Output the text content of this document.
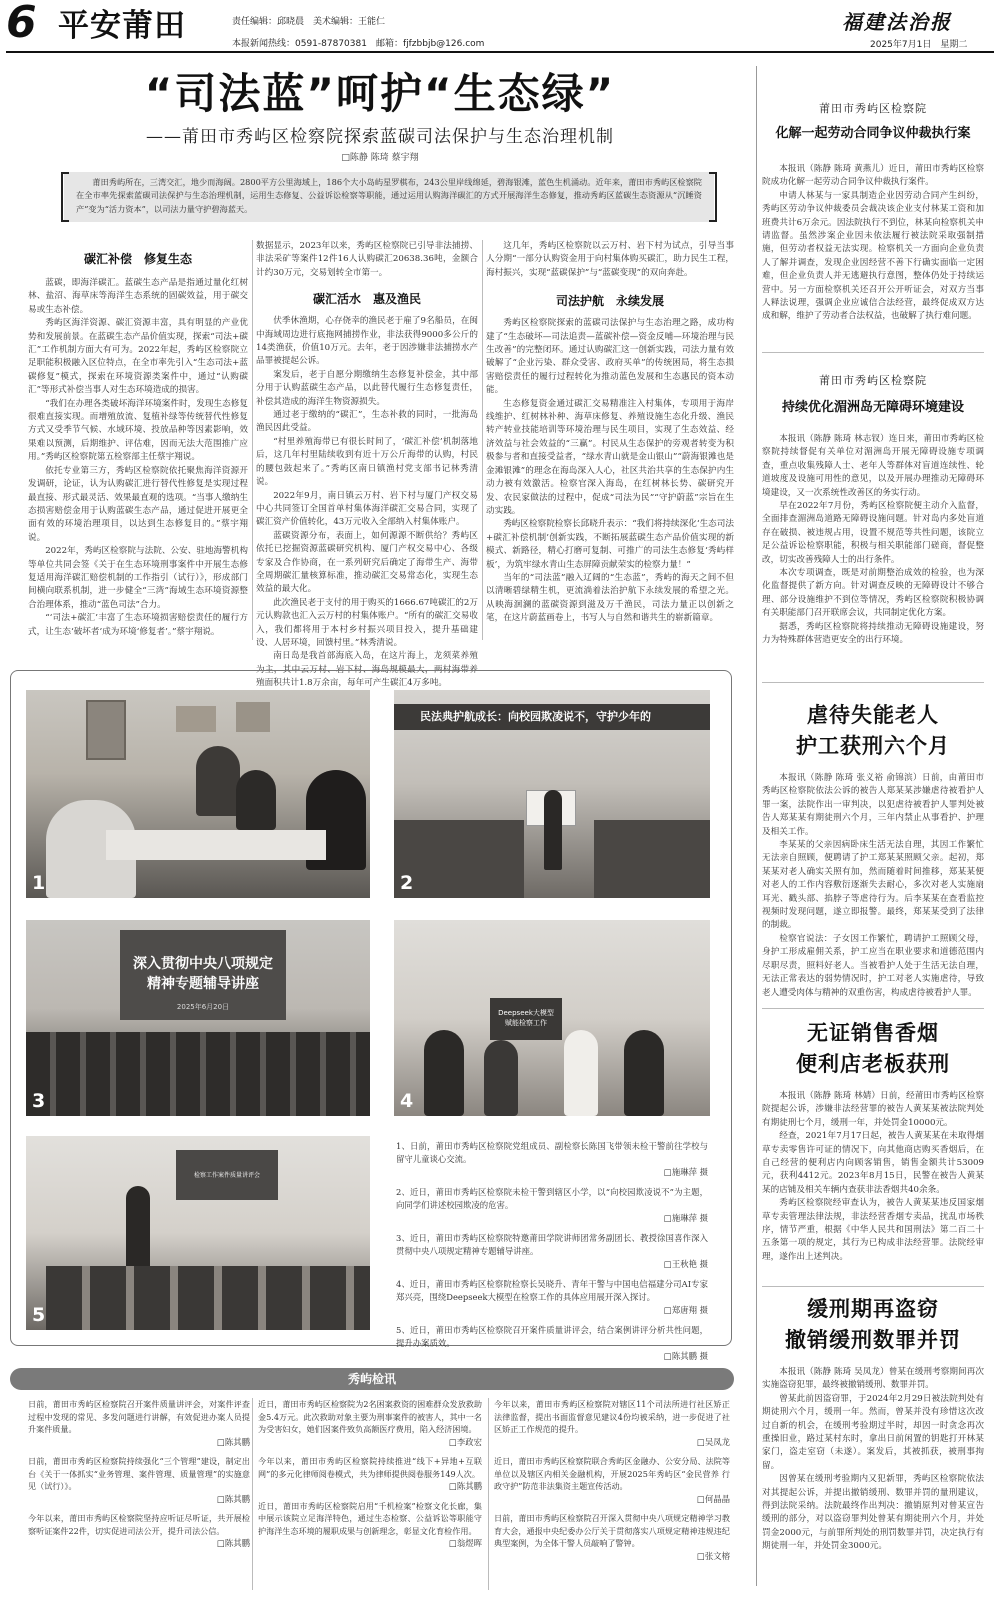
6 平安莆田	责任编辑：邱晓晨　美术编辑：王能仁
本报新闻热线：0591-87870381　邮箱：fjfzbbjb@126.com
福建法治报
2025年7月1日　星期二
“司法蓝”呵护“生态绿”
——莆田市秀屿区检察院探索蓝碳司法保护与生态治理机制
□陈静 陈琦 蔡宇翔
莆田秀屿所在，三湾交汇，地少而海阔。2800平方公里海域上，186个大小岛屿星罗棋布，243公里岸线绵延，碧海银滩，蓝色生机涌动。近年来，莆田市秀屿区检察院在全市率先探索蓝碳司法保护与生态治理机制，运用生态修复、公益诉讼检察等职能，通过运用认购海洋碳汇的方式开展海洋生态修复，推动秀屿区蓝碳生态资源从“沉睡资产”变为“活力资本”，以司法力量守护碧海蓝天。
碳汇补偿　修复生态

蓝碳，即海洋碳汇。蓝碳生态产品是指通过量化红树林、盐沼、海草床等海洋生态系统的固碳效益，用于碳交易或生态补偿。

秀屿区海洋资源、碳汇资源丰富，具有明显的产业优势和发展前景。在蓝碳生态产品价值实现，探索“司法+碳汇”工作机制方面大有可为。2022年起，秀屿区检察院立足职能积极融入区位特点，在全市率先引入“生态司法+蓝碳修复”模式，探索在环境资源类案件中，通过“认购碳汇”等形式补偿当事人对生态环境造成的损害。

“我们在办理各类破坏海洋环境案件时，发现生态修复很难直接实现。而增殖放流、复植补绿等传统替代性修复方式又受季节气候、水域环境、投放品种等因素影响，效果难以预测，后期维护、评估难，因而无法大范围推广应用。”秀屿区检察院第五检察部主任蔡宇翔说。

依托专业第三方，秀屿区检察院依托聚焦海洋资源开发调研，论证，认为认购碳汇进行替代性修复是实现过程最直接、形式最灵活、效果最直观的选项。“当事人缴纳生态损害赔偿金用于认购蓝碳生态产品，通过促进开展更全面有效的环境治理项目，以达到生态修复目的。”蔡宇翔说。

2022年，秀屿区检察院与法院、公安、驻地海警机构等单位共同会签《关于在生态环境刑事案件中开展生态修复适用海洋碳汇赔偿机制的工作指引（试行）》，形成部门间横向联系机制，进一步健全“三湾”海域生态环境资源整合治理体系，推动“蓝色司法”合力。

“‘司法+碳汇’丰富了生态环境损害赔偿责任的履行方式，让生态‘破坏者’成为环境‘修复者’。”蔡宇翔说。

数据显示，2023年以来，秀屿区检察院已引导非法捕捞、非法采矿等案件12件16人认购碳汇20638.36吨，金额合计约30万元，交易划转全市第一。

碳汇活水　惠及渔民

伏季休渔期，心存侥幸的渔民老于雇了9名船员，在闽中海域周边进行底拖网捕捞作业，非法获得9000多公斤的14类渔获，价值10万元。去年，老于因涉嫌非法捕捞水产品罪被提起公诉。

案发后，老于自愿分期缴纳生态修复补偿金，其中部分用于认购蓝碳生态产品，以此替代履行生态修复责任，补偿其造成的海洋生物资源损失。

通过老于缴纳的“碳汇”，生态补救的同时，一批海岛渔民因此受益。

“村里养殖海带已有很长时间了，‘碳汇补偿’机制落地后，这几年村里陆续收到有近十万公斤海带的认购，村民的腰包鼓起来了。”秀屿区南日镇渔村党支部书记林秀清说。

2022年9月，南日镇云万村、岩下村与厦门产权交易中心共同签订全国首单村集体海洋碳汇交易合同，实现了碳汇资产价值转化，43万元收入全部纳入村集体账户。

蓝碳资源分布，表面上，如何源源不断供给？秀屿区依托已挖掘资源蓝碳研究机构、厦门产权交易中心、各级专家及合作协商，在一系列研究后确定了海带生产、海带全周期碳汇量核算标准，推动碳汇交易常态化，实现生态效益的最大化。

此次渔民老于支付的用于购买的1666.67吨碳汇的2万元认购款也汇入云万村的村集体账户。“所有的碳汇交易收入，我们都将用于本村乡村振兴项目投入，提升基础建设、人居环境，回馈村里。”林秀清说。

南日岛是我首部海底入岛，在这片海上，龙须菜养殖为主，其中云万村、岩下村、海岛规模最大，两村海带养殖面积共计1.8万余亩，每年可产生碳汇4万多吨。

这几年，秀屿区检察院以云万村、岩下村为试点，引导当事人分期“一部分认购资金用于向村集体购买碳汇，助力民生工程，海村振兴，实现“蓝碳保护”与“蓝碳变现”的双向奔赴。

司法护航　永续发展

秀屿区检察院探索的蓝碳司法保护与生态治理之路，成功构建了“生态破坏—司法追责—蓝碳补偿—资金反哺—环境治理与民生改善”的完整闭环。通过认购碳汇这一创新实践，司法力量有效破解了“企业污染、群众受害、政府买单”的传统困局，将生态损害赔偿责任的履行过程转化为推动蓝色发展和生态惠民的资本动能。

生态修复资金通过碳汇交易精准注入村集体，专项用于海岸线维护、红树林补种、海草床修复、养殖设施生态化升级、渔民转产转业技能培训等环境治理与民生项目，实现了生态效益、经济效益与社会效益的“三赢”。村民从生态保护的旁观者转变为积极参与者和直接受益者，“绿水青山就是金山银山”“蔚海银滩也是金滩银滩”的理念在海岛深入人心，社区共治共享的生态保护内生动力被有效激活。检察官深入海岛，在红树林长势、碳研究开发、农民家做法的过程中，促成“司法为民”“守护蔚蓝”宗旨在生动实践。

秀屿区检察院检察长邱晓升表示：“我们将持续深化‘生态司法+碳汇补偿机制’创新实践，不断拓展蓝碳生态产品价值实现的新模式、新路径，精心打磨可复制、可推广的司法生态修复‘秀屿样板’，为筑牢绿水青山生态屏障贡献荣实的检察力量！”

当年的“司法蓝”融入辽阔的“生态蓝”，秀屿的海天之间不但以清晰碧绿精生机，更流淌着法治护航下永续发展的希望之光。从映海洄澜的蓝碳资源到滋及万千渔民，司法力量正以创新之笔，在这片蔚蓝画卷上，书写人与自然和谐共生的崭新篇章。

莆田市秀屿区检察院
化解一起劳动合同争议仲裁执行案

本报讯（陈静 陈琦 黄燕儿）近日，莆田市秀屿区检察院成功化解一起劳动合同争议仲裁执行案件。

申请人林某与一家具制造企业因劳动合同产生纠纷，秀屿区劳动争议仲裁委员会裁决该企业支付林某工资和加班费共计6万余元。因法院执行不到位，林某向检察机关申请监督。虽然涉案企业因未依法履行被法院采取强制措施，但劳动者权益无法实现。检察机关一方面向企业负责人了解并调查，发现企业因经营不善下行确实面临一定困难，但企业负责人并无逃避执行意图，整体仍处于持续运营中。另一方面检察机关还召开公开听证会，对双方当事人释法说理，强调企业应诚信合法经营，最终促成双方达成和解，维护了劳动者合法权益，也破解了执行难问题。

莆田市秀屿区检察院
持续优化湄洲岛无障碍环境建设

本报讯（陈静 陈琦 林志钗）连日来，莆田市秀屿区检察院持续督促有关单位对湄洲岛开展无障碍设施专项调查，重点收集残障人士、老年人等群体对盲道连续性、轮道坡度及设施可用性的意见，以及开展办理推动无障碍环境建设，又一次系统性改善区的务实行动。

早在2022年7月份，秀屿区检察院便主动介入监督，全面排查湄洲岛道路无障碍设施问题。针对岛内多处盲道存在破损、被违规占用，设置不规范等共性问题，该院立足公益诉讼检察职能，积极与相关职能部门磋商，督促整改，切实改善残障人士的出行条件。

本次专项调查，既是对前期整治成效的检验，也为深化监督提供了新方向。针对调查反映的无障碍设计不够合理、部分设施维护不到位等情况，秀屿区检察院积极协调有关职能部门召开联席会议，共同制定优化方案。

据悉，秀屿区检察院将持续推动无障碍设施建设，努力为特殊群体营造更安全的出行环境。

虐待失能老人
护工获刑六个月

本报讯（陈静 陈琦 张义裕 俞锦滨）日前，由莆田市秀屿区检察院依法公诉的被告人郑某某涉嫌虐待被看护人罪一案，法院作出一审判决，以犯虐待被看护人罪判处被告人郑某某有期徒刑六个月，三年内禁止从事看护、护理及相关工作。

李某某的父亲因病卧床生活无法自理，其因工作繁忙无法亲自照顾，便聘请了护工郑某某照顾父亲。起初，郑某某对老人确实关照有加，然而随着时间推移，郑某某便对老人的工作内容敷衍逐渐失去耐心，多次对老人实施扇耳光、戳头部、掐脖子等虐待行为。后李某某在查看监控视频时发现问题，遂立即报警。最终，郑某某受到了法律的制裁。

检察官说法：子女因工作繁忙，聘请护工照顾父母，身护工形成雇佣关系，护工应当在职业要求和道德范围内尽职尽责，照料好老人。当被看护人处于生活无法自理，无法正常表达的弱势情况时，护工对老人实施虐待，导致老人遭受肉体与精神的双重伤害，构成虐待被看护人罪。

无证销售香烟
便利店老板获刑

本报讯（陈静 陈琦 林婧）日前，经莆田市秀屿区检察院提起公诉，涉嫌非法经营罪的被告人黄某某被法院判处有期徒刑七个月，缓刑一年，并处罚金10000元。

经查，2021年7月17日起，被告人黄某某在未取得烟草专卖零售许可证的情况下，向其他商店购买香烟后，在自己经营的便利店内向顾客销售，销售金额共计53009元，获利4412元。2023年8月15日，民警在被告人黄某某的店铺及相关车辆内查获非法香烟共40余条。

秀屿区检察院经审查认为，被告人黄某某违反国家烟草专卖管理法律法规，非法经营香烟专卖品，扰乱市场秩序，情节严重，根据《中华人民共和国刑法》第二百二十五条第一项的规定，其行为已构成非法经营罪。法院经审理，遂作出上述判决。

缓刑期再盗窃
撤销缓刑数罪并罚

本报讯（陈静 陈琦 吴凤龙）曾某在缓刑考察期间再次实施盗窃犯罪，最终被撤销缓刑、数罪并罚。

曾某此前因盗窃罪，于2024年2月29日被法院判处有期徒刑六个月，缓刑一年。然而，曾某并没有珍惜这次改过自新的机会，在缓刑考验期过半时，却因一时贪念再次重操旧业，路过某村东时，拿出日前闲置的钥匙打开林某家门，盗走室窃（未遂）。案发后，其被抓获，被刑事拘留。

因曾某在缓刑考验期内又犯新罪，秀屿区检察院依法对其提起公诉，并提出撤销缓刑、数罪并罚的量刑建议，得到法院采纳。法院最终作出判决：撤销原判对曾某宣告缓刑的部分，对以盗窃罪判处曾某有期徒刑六个月，并处罚金2000元，与前罪所判处的刑罚数罪并罚，决定执行有期徒刑一年，并处罚金3000元。

1
民法典护航成长：向校园欺凌说不，守护少年的
2
深入贯彻中央八项规定
精神专题辅导讲座
2025年6月20日
3
Deepseek大模型
赋能检察工作
4
检察工作案件质量讲评会
5
1、日前，莆田市秀屿区检察院党组成员、副检察长陈国飞带领未检干警前往学校与留守儿童谈心交流。
□施琳萍 摄
2、近日，莆田市秀屿区检察院未检干警到辖区小学，以“向校园欺凌说不”为主题，向同学们讲述校园欺凌的危害。
□施琳萍 摄
3、近日，莆田市秀屿区检察院特邀莆田学院讲师团常务副团长、教授徐国喜作深入贯彻中央八项规定精神专题辅导讲座。
□王秋艳 摄
4、近日，莆田市秀屿区检察院检察长吴晓升、青年干警与中国电信福建分司AI专家郑兴亮，围绕Deepseek大模型在检察工作的具体应用展开深入探讨。
□郑唐翔 摄
5、近日，莆田市秀屿区检察院召开案件质量讲评会，结合案例讲评分析共性问题，提升办案质效。
□陈其鹏 摄
秀屿检讯
日前，莆田市秀屿区检察院召开案件质量讲评会，对案件评查过程中发现的常见、多发问题进行讲解，有效促进办案人员提升案件质量。
□陈其鹏
日前，莆田市秀屿区检察院持续强化“三个管理”建设，制定出台《关于一体抓实“业务管理、案件管理、质量管理”的实施意见（试行）》。
□陈其鹏
今年以来，莆田市秀屿区检察院坚持应听证尽听证，共开展检察听证案件22件，切实促进司法公开，提升司法公信。
□陈其鹏
近日，莆田市秀屿区检察院为2名困案救资的困难群众发放救助金5.4万元。此次救助对象主要为刑事案件的被害人，其中一名为受害妇女，她们因案件致负高额医疗费用，陷入经济困境。
□李政宏
今年以来，莆田市秀屿区检察院持续推进“线下+异地+互联网”的多元化律师阅卷模式，共为律师提供阅卷服务149人次。
□陈其鹏
近日，莆田市秀屿区检察院启用“千机检案”检察文化长廊，集中展示该院立足海洋特色，通过生态检察、公益诉讼等职能守护海洋生态环境的履职成果与创新理念，彰显文化育检作用。
□翁煜晖
今年以来，莆田市秀屿区检察院对辖区11个司法所进行社区矫正法律监督，提出书面监督意见建议4份均被采纳，进一步促进了社区矫正工作规范的提升。
□吴凤龙
近日，莆田市秀屿区检察院联合秀屿区金融办、公安分局、法院等单位以及辖区内相关金融机构，开展2025年秀屿区“金民营养 行政守护”防范非法集资主题宣传活动。
□何晶晶
日前，莆田市秀屿区检察院召开深入贯彻中央八项规定精神学习教育大会，通报中央纪委办公厅关于贯彻落实八项规定精神违规违纪典型案例，为全体干警人员敲响了警钟。
□张文榕
